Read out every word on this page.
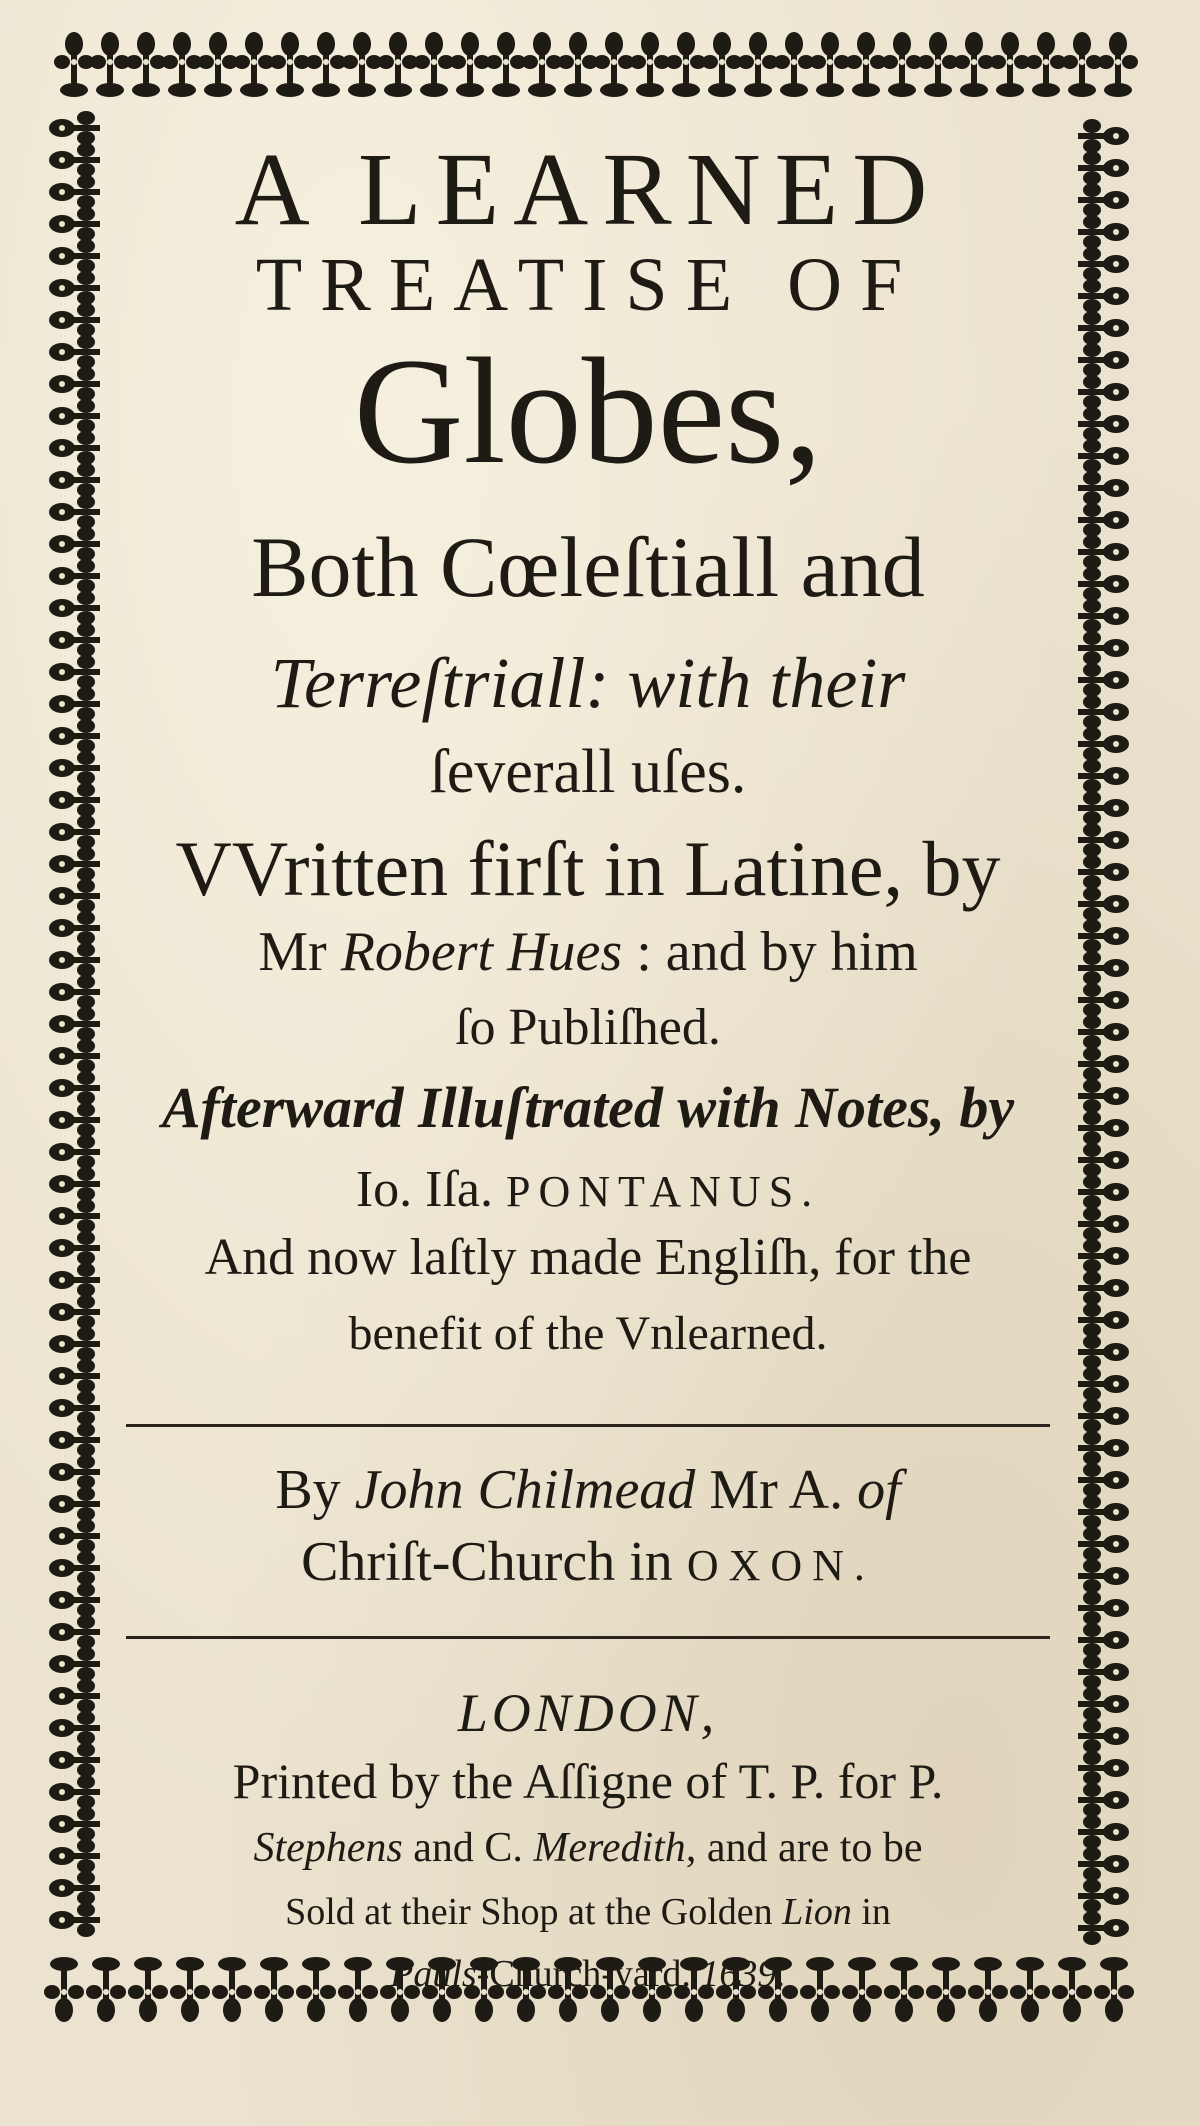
A LEARNED
TREATISE OF
Globes,
Both Cœleſtiall and
Terreſtriall: with their
ſeverall uſes.
VVritten firſt in Latine, by
Mr Robert Hues : and by him
ſo Publiſhed.
Afterward Illuſtrated with Notes, by
Io. Iſa. PONTANUS.
And now laſtly made Engliſh, for the
benefit of the Vnlearned.
By John Chilmead Mr A. of
Chriſt-Church in OXON.
LONDON,
Printed by the Aſſigne of T. P. for P.
Stephens and C. Meredith, and are to be
Sold at their Shop at the Golden Lion in
Pauls-Church-yard. 1639.
